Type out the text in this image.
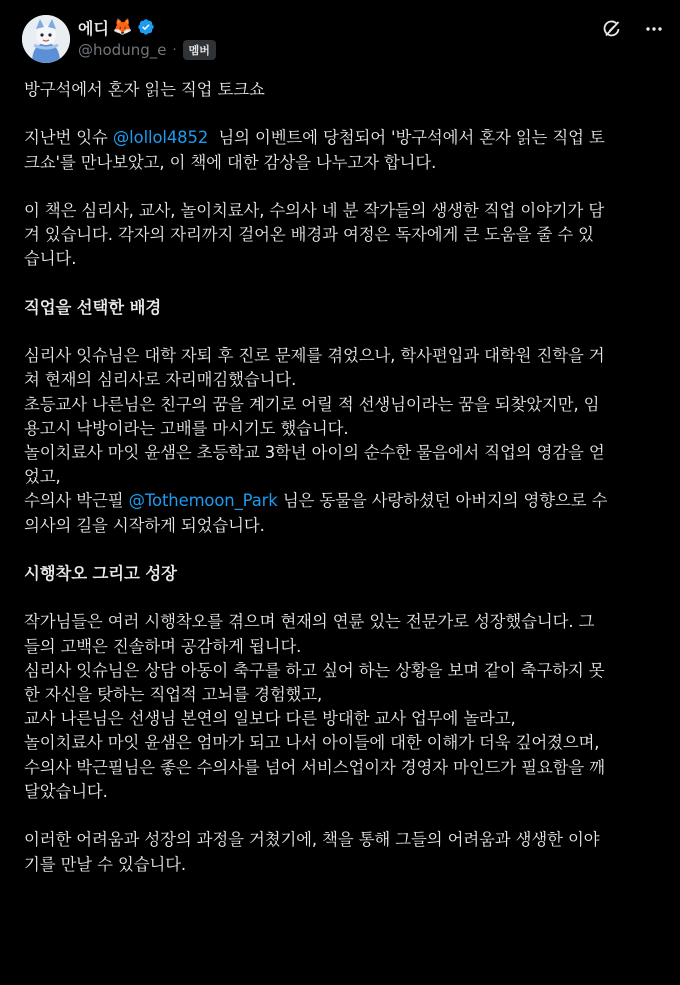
에디 🦊
@hodung_e ·	멤버
방구석에서 혼자 읽는 직업 토크쇼

지난번 잇슈 @lollol4852  님의 이벤트에 당첨되어 '방구석에서 혼자 읽는 직업 토
크쇼'를 만나보았고, 이 책에 대한 감상을 나누고자 합니다.

이 책은 심리사, 교사, 놀이치료사, 수의사 네 분 작가들의 생생한 직업 이야기가 담
겨 있습니다. 각자의 자리까지 걸어온 배경과 여정은 독자에게 큰 도움을 줄 수 있
습니다.

직업을 선택한 배경

심리사 잇슈님은 대학 자퇴 후 진로 문제를 겪었으나, 학사편입과 대학원 진학을 거
쳐 현재의 심리사로 자리매김했습니다.
초등교사 나른님은 친구의 꿈을 계기로 어릴 적 선생님이라는 꿈을 되찾았지만, 임
용고시 낙방이라는 고배를 마시기도 했습니다.
놀이치료사 마잇 윤샘은 초등학교 3학년 아이의 순수한 물음에서 직업의 영감을 얻
었고,
수의사 박근필 @Tothemoon_Park 님은 동물을 사랑하셨던 아버지의 영향으로 수
의사의 길을 시작하게 되었습니다.

시행착오 그리고 성장

작가님들은 여러 시행착오를 겪으며 현재의 연륜 있는 전문가로 성장했습니다. 그
들의 고백은 진솔하며 공감하게 됩니다.
심리사 잇슈님은 상담 아동이 축구를 하고 싶어 하는 상황을 보며 같이 축구하지 못
한 자신을 탓하는 직업적 고뇌를 경험했고,
교사 나른님은 선생님 본연의 일보다 다른 방대한 교사 업무에 놀라고,
놀이치료사 마잇 윤샘은 엄마가 되고 나서 아이들에 대한 이해가 더욱 깊어졌으며,
수의사 박근필님은 좋은 수의사를 넘어 서비스업이자 경영자 마인드가 필요함을 깨
달았습니다.

이러한 어려움과 성장의 과정을 거쳤기에, 책을 통해 그들의 어려움과 생생한 이야
기를 만날 수 있습니다.
